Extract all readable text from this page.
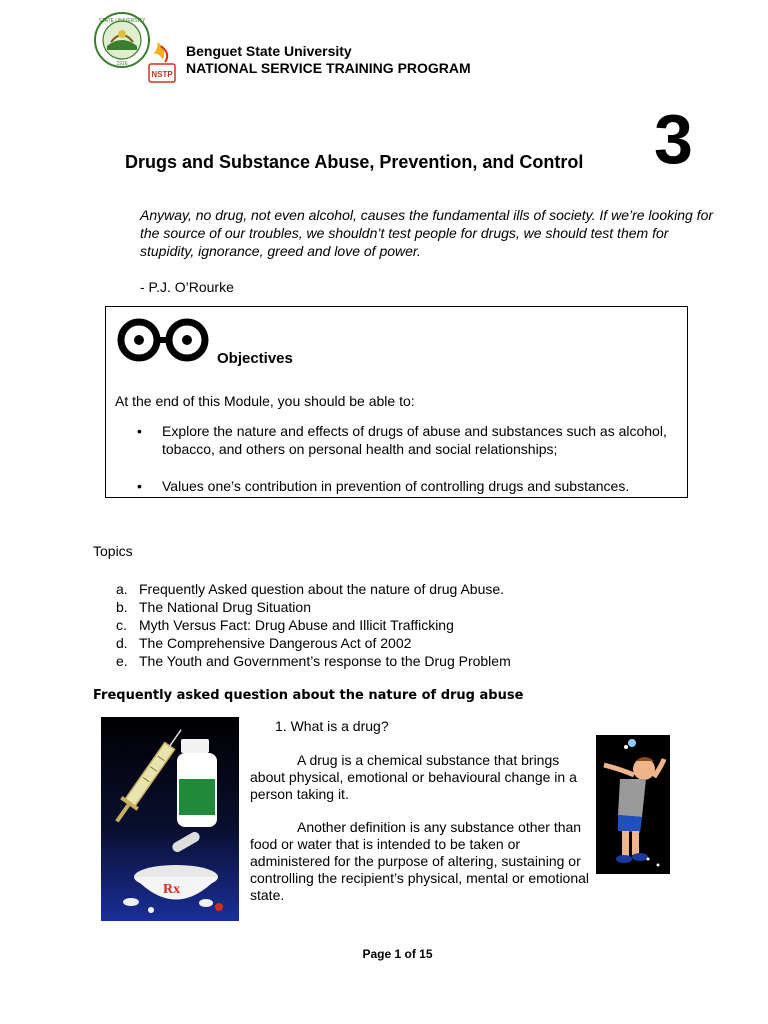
STATE UNIVERSITY
1916
NSTP
Benguet State University
NATIONAL SERVICE TRAINING PROGRAM
Drugs and Substance Abuse, Prevention, and Control 3
Anyway, no drug, not even alcohol, causes the fundamental ills of society. If we’re looking for the source of our troubles, we shouldn’t test people for drugs, we should test them for stupidity, ignorance, greed and love of power.
- P.J. O’Rourke
Objectives
At the end of this Module, you should be able to:
• Explore the nature and effects of drugs of abuse and substances such as alcohol, tobacco, and others on personal health and social relationships;
• Values one’s contribution in prevention of controlling drugs and substances.
Topics
a. Frequently Asked question about the nature of drug Abuse.
b. The National Drug Situation
c. Myth Versus Fact: Drug Abuse and Illicit Trafficking
d. The Comprehensive Dangerous Act of 2002
e. The Youth and Government’s response to the Drug Problem
Frequently asked question about the nature of drug abuse
Rx
1. What is a drug?

A drug is a chemical substance that brings about physical, emotional or behavioural change in a person taking it.

Another definition is any substance other than food or water that is intended to be taken or administered for the purpose of altering, sustaining or controlling the recipient’s physical, mental or emotional state.

Page 1 of 15
